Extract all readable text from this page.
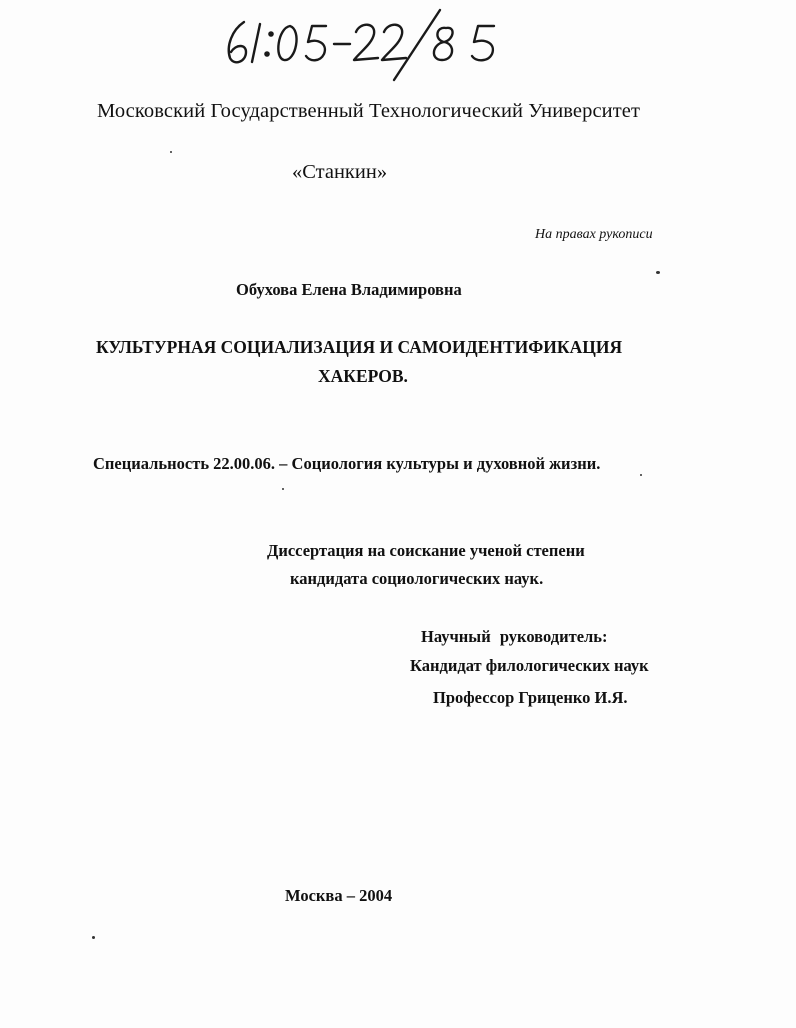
Московский Государственный Технологический Университет
«Станкин»
На правах рукописи
Обухова Елена Владимировна
КУЛЬТУРНАЯ СОЦИАЛИЗАЦИЯ И САМОИДЕНТИФИКАЦИЯ
ХАКЕРОВ.
Специальность 22.00.06. – Социология культуры и духовной жизни.
Диссертация на соискание ученой степени
кандидата социологических наук.
Научный руководитель:
Кандидат филологических наук
Профессор Гриценко И.Я.
Москва – 2004
